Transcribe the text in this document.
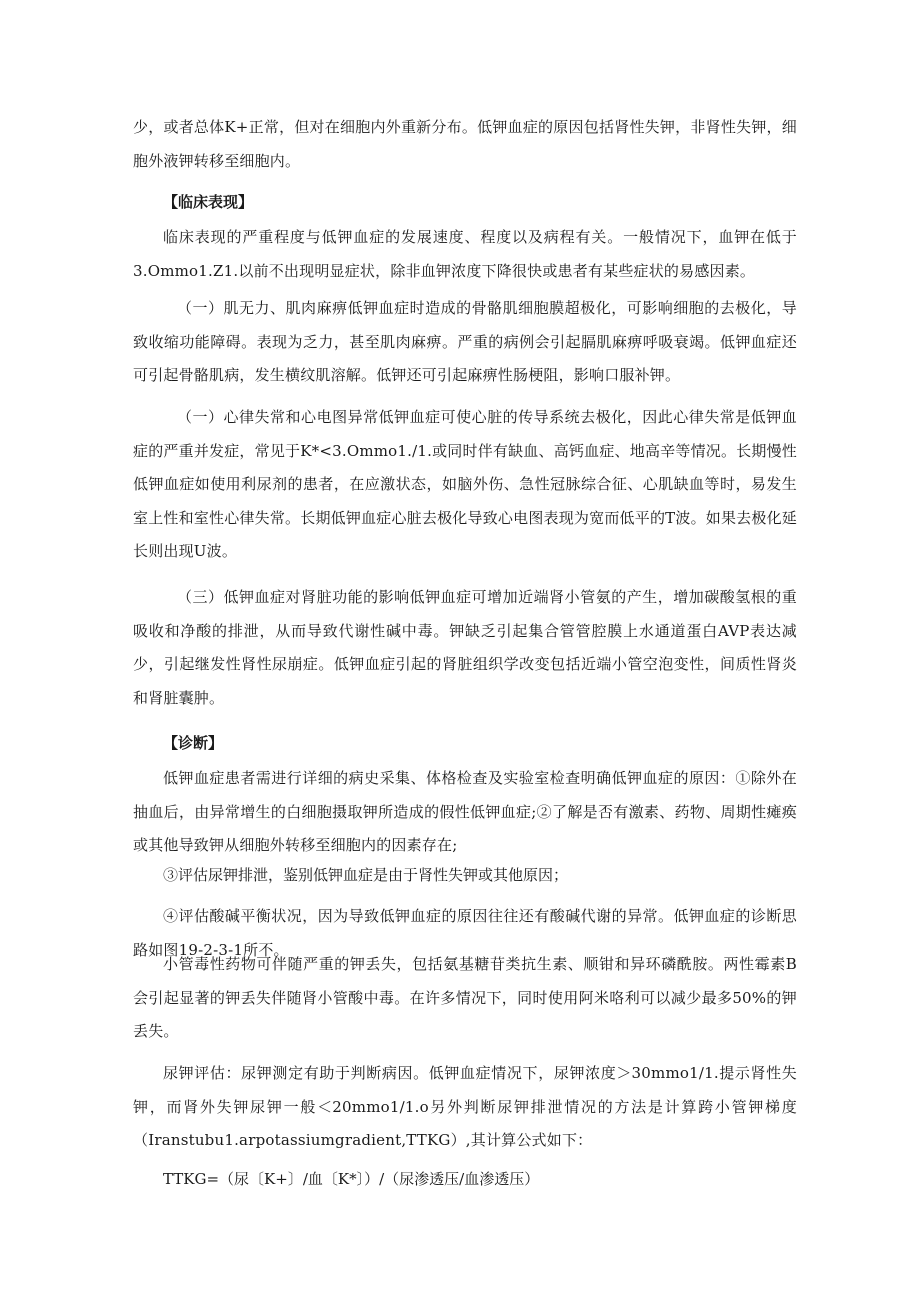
少，或者总体K+正常，但对在细胞内外重新分布。低钾血症的原因包括肾性失钾，非肾性失钾，细胞外液钾转移至细胞内。

【临床表现】

临床表现的严重程度与低钾血症的发展速度、程度以及病程有关。一般情况下，血钾在低于3.Ommo1.Z1.以前不出现明显症状，除非血钾浓度下降很快或患者有某些症状的易感因素。

（一）肌无力、肌肉麻痹低钾血症时造成的骨骼肌细胞膜超极化，可影响细胞的去极化，导致收缩功能障碍。表现为乏力，甚至肌肉麻痹。严重的病例会引起膈肌麻痹呼吸衰竭。低钾血症还可引起骨骼肌病，发生横纹肌溶解。低钾还可引起麻痹性肠梗阻，影响口服补钾。

（一）心律失常和心电图异常低钾血症可使心脏的传导系统去极化，因此心律失常是低钾血症的严重并发症，常见于K*<3.Ommo1./1.或同时伴有缺血、高钙血症、地高辛等情况。长期慢性低钾血症如使用利尿剂的患者，在应激状态，如脑外伤、急性冠脉综合征、心肌缺血等时，易发生室上性和室性心律失常。长期低钾血症心脏去极化导致心电图表现为宽而低平的T波。如果去极化延长则出现U波。

（三）低钾血症对肾脏功能的影响低钾血症可增加近端肾小管氨的产生，增加碳酸氢根的重吸收和净酸的排泄，从而导致代谢性碱中毒。钾缺乏引起集合管管腔膜上水通道蛋白AVP表达减少，引起继发性肾性尿崩症。低钾血症引起的肾脏组织学改变包括近端小管空泡变性，间质性肾炎和肾脏囊肿。

【诊断】

低钾血症患者需进行详细的病史采集、体格检查及实验室检查明确低钾血症的原因：①除外在抽血后，由异常增生的白细胞摄取钾所造成的假性低钾血症;②了解是否有激素、药物、周期性瘫痪或其他导致钾从细胞外转移至细胞内的因素存在;

③评估尿钾排泄，鉴别低钾血症是由于肾性失钾或其他原因；

④评估酸碱平衡状况，因为导致低钾血症的原因往往还有酸碱代谢的异常。低钾血症的诊断思路如图19-2-3-1所不。

小管毒性药物可伴随严重的钾丢失，包括氨基糖苷类抗生素、顺钳和异环磷酰胺。两性霉素B会引起显著的钾丢失伴随肾小管酸中毒。在许多情况下，同时使用阿米咯利可以减少最多50%的钾丢失。

尿钾评估：尿钾测定有助于判断病因。低钾血症情况下，尿钾浓度＞30mmo1∕1.提示肾性失钾，而肾外失钾尿钾一般＜20mmo1∕1.o另外判断尿钾排泄情况的方法是计算跨小管钾梯度（Iranstubu1.arpotassiumgradient,TTKG）,其计算公式如下：

TTKG=（尿〔K+〕/血〔K*〕）/（尿渗透压/血渗透压）
